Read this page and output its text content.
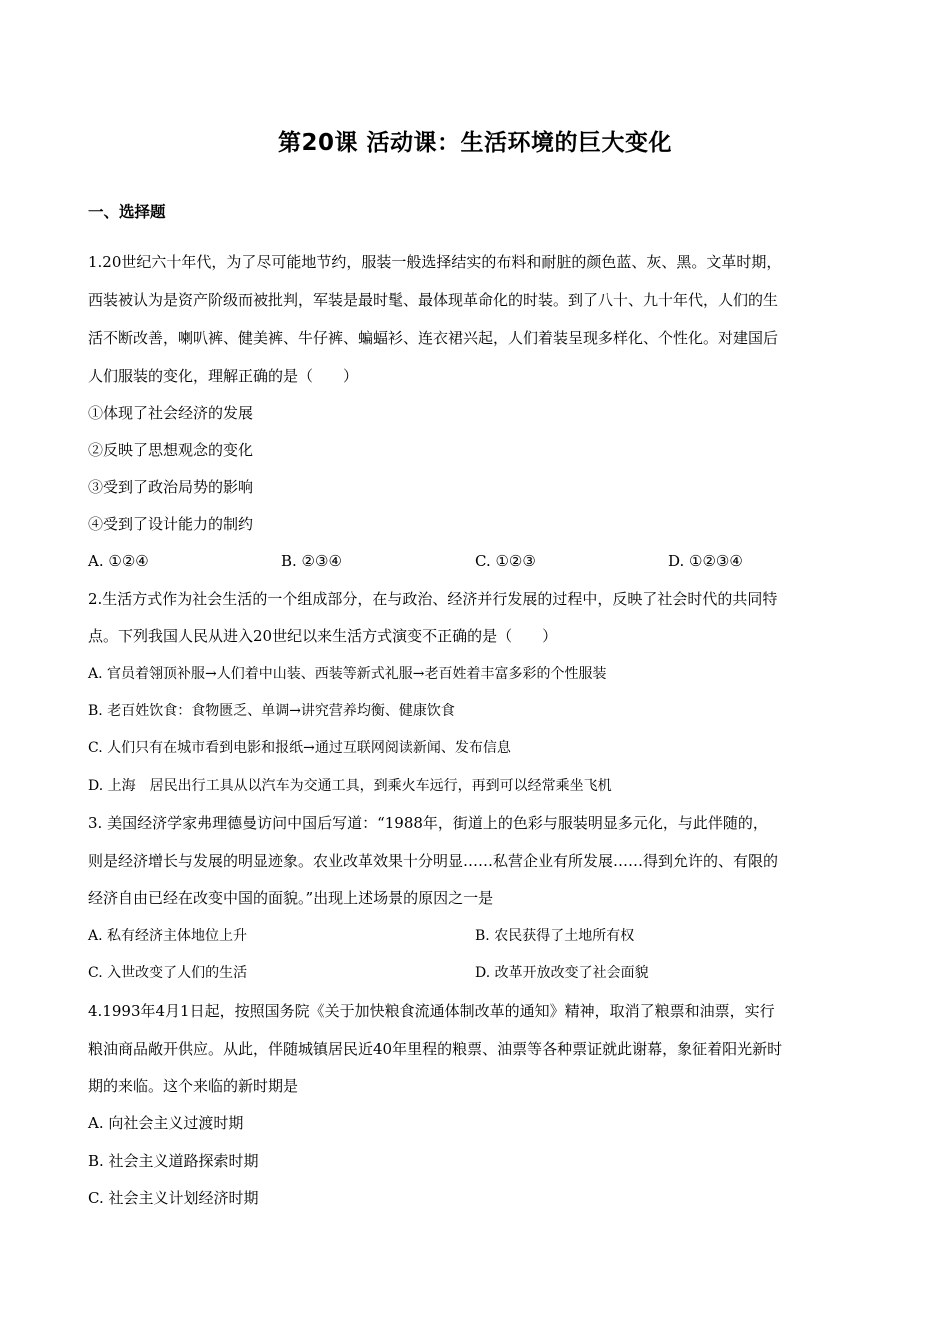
第20课 活动课：生活环境的巨大变化
一、选择题
1.20世纪六十年代，为了尽可能地节约，服装一般选择结实的布料和耐脏的颜色蓝、灰、黑。文革时期，
西装被认为是资产阶级而被批判，军装是最时髦、最体现革命化的时装。到了八十、九十年代，人们的生
活不断改善，喇叭裤、健美裤、牛仔裤、蝙蝠衫、连衣裙兴起，人们着装呈现多样化、个性化。对建国后
人们服装的变化，理解正确的是（　　）
①体现了社会经济的发展
②反映了思想观念的变化
③受到了政治局势的影响
④受到了设计能力的制约
A. ①②④	B. ②③④	C. ①②③	D. ①②③④
2.生活方式作为社会生活的一个组成部分，在与政治、经济并行发展的过程中，反映了社会时代的共同特
点。下列我国人民从进入20世纪以来生活方式演变不正确的是（　　）
A. 官员着翎顶补服→人们着中山装、西装等新式礼服→老百姓着丰富多彩的个性服装
B. 老百姓饮食：食物匮乏、单调→讲究营养均衡、健康饮食
C. 人们只有在城市看到电影和报纸→通过互联网阅读新闻、发布信息
D. 上海　居民出行工具从以汽车为交通工具，到乘火车远行，再到可以经常乘坐飞机
3. 美国经济学家弗理德曼访问中国后写道：“1988年，街道上的色彩与服装明显多元化，与此伴随的，
则是经济增长与发展的明显迹象。农业改革效果十分明显……私营企业有所发展……得到允许的、有限的
经济自由已经在改变中国的面貌。”出现上述场景的原因之一是
A. 私有经济主体地位上升	B. 农民获得了土地所有权
C. 入世改变了人们的生活	D. 改革开放改变了社会面貌
4.1993年4月1日起，按照国务院《关于加快粮食流通体制改革的通知》精神，取消了粮票和油票，实行
粮油商品敞开供应。从此，伴随城镇居民近40年里程的粮票、油票等各种票证就此谢幕，象征着阳光新时
期的来临。这个来临的新时期是
A. 向社会主义过渡时期
B. 社会主义道路探索时期
C. 社会主义计划经济时期
